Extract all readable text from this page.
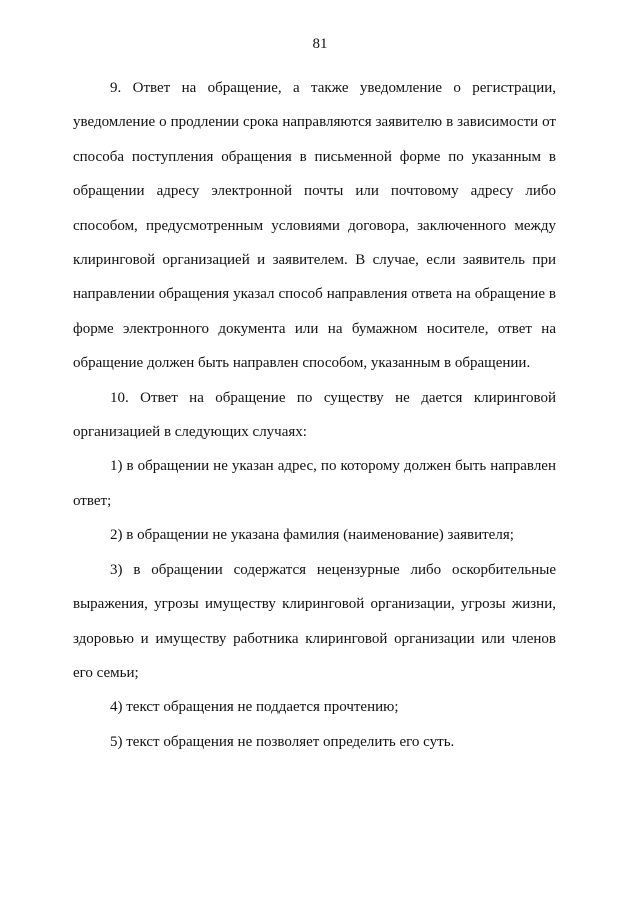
81

9. Ответ на обращение, а также уведомление о регистрации, уведомление о продлении срока направляются заявителю в зависимости от способа поступления обращения в письменной форме по указанным в обращении адресу электронной почты или почтовому адресу либо способом, предусмотренным условиями договора, заключенного между клиринговой организацией и заявителем. В случае, если заявитель при направлении обращения указал способ направления ответа на обращение в форме электронного документа или на бумажном носителе, ответ на обращение должен быть направлен способом, указанным в обращении.

10. Ответ на обращение по существу не дается клиринговой организацией в следующих случаях:

1) в обращении не указан адрес, по которому должен быть направлен ответ;

2) в обращении не указана фамилия (наименование) заявителя;

3) в обращении содержатся нецензурные либо оскорбительные выражения, угрозы имуществу клиринговой организации, угрозы жизни, здоровью и имуществу работника клиринговой организации или членов его семьи;

4) текст обращения не поддается прочтению;

5) текст обращения не позволяет определить его суть.
